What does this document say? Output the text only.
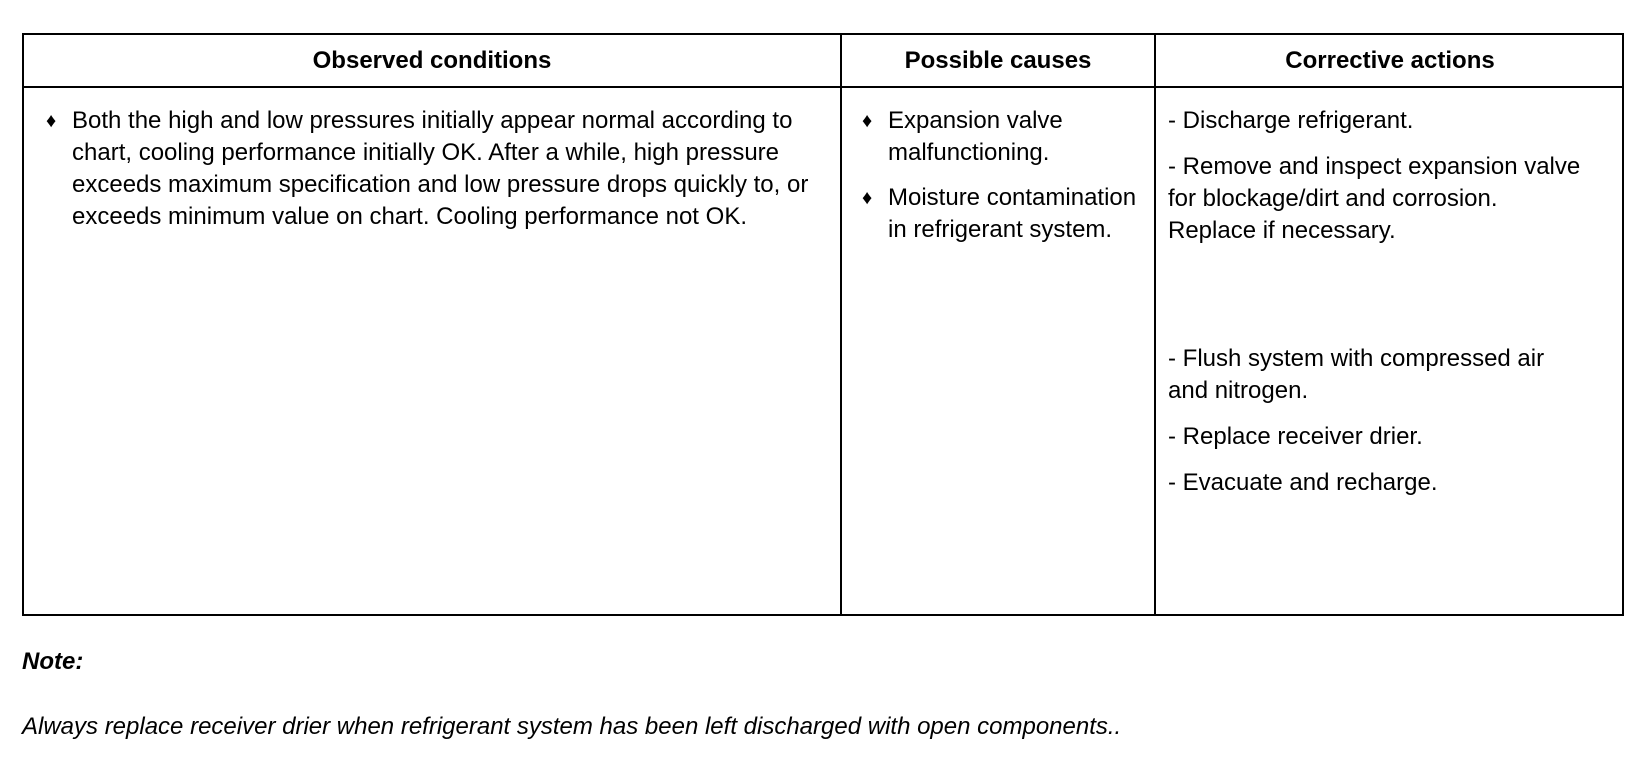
Observed conditions	Possible causes	Corrective actions
♦ Both the high and low pressures initially appear normal according to chart, cooling performance initially OK. After a while, high pressure exceeds maximum specification and low pressure drops quickly to, or exceeds minimum value on chart. Cooling performance not OK.
♦ Expansion valve malfunctioning.
♦ Moisture contamination in refrigerant system.

- Discharge refrigerant.

- Remove and inspect expansion valve for blockage/dirt and corrosion. Replace if necessary.

- Flush system with compressed air and nitrogen.

- Replace receiver drier.

- Evacuate and recharge.

Note:
Always replace receiver drier when refrigerant system has been left discharged with open components..
